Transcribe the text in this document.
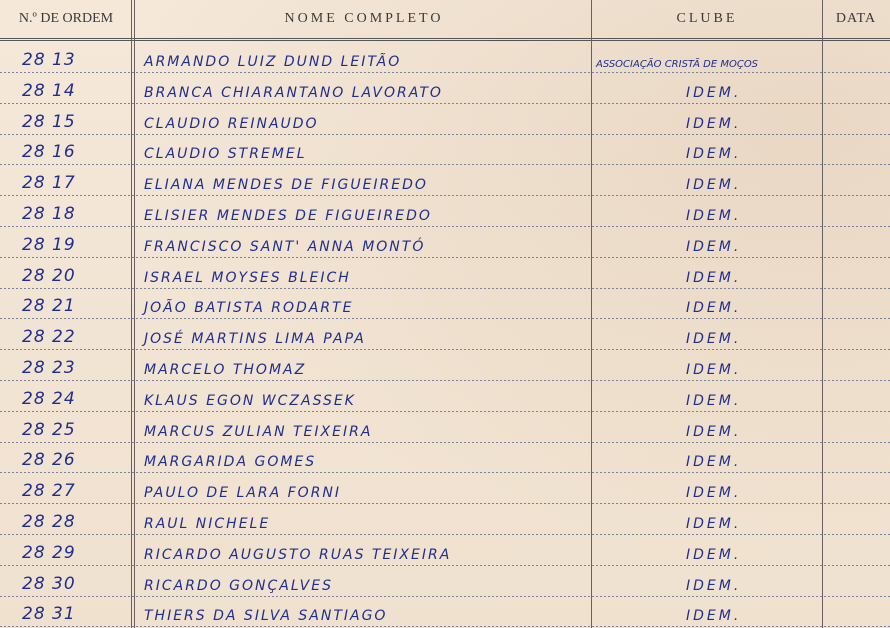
N.º DE ORDEM	NOME COMPLETO	CLUBE	DATA
28 13	ARMANDO LUIZ DUND LEITÃO	ASSOCIAÇÃO CRISTÃ DE MOÇOS
28 14	BRANCA CHIARANTANO LAVORATO	IDEM.
28 15	CLAUDIO REINAUDO	IDEM.
28 16	CLAUDIO STREMEL	IDEM.
28 17	ELIANA MENDES DE FIGUEIREDO	IDEM.
28 18	ELISIER MENDES DE FIGUEIREDO	IDEM.
28 19	FRANCISCO SANT' ANNA MONTÓ	IDEM.
28 20	ISRAEL MOYSES BLEICH	IDEM.
28 21	JOÃO BATISTA RODARTE	IDEM.
28 22	JOSÉ MARTINS LIMA PAPA	IDEM.
28 23	MARCELO THOMAZ	IDEM.
28 24	KLAUS EGON WCZASSEK	IDEM.
28 25	MARCUS ZULIAN TEIXEIRA	IDEM.
28 26	MARGARIDA GOMES	IDEM.
28 27	PAULO DE LARA FORNI	IDEM.
28 28	RAUL NICHELE	IDEM.
28 29	RICARDO AUGUSTO RUAS TEIXEIRA	IDEM.
28 30	RICARDO GONÇALVES	IDEM.
28 31	THIERS DA SILVA SANTIAGO	IDEM.
